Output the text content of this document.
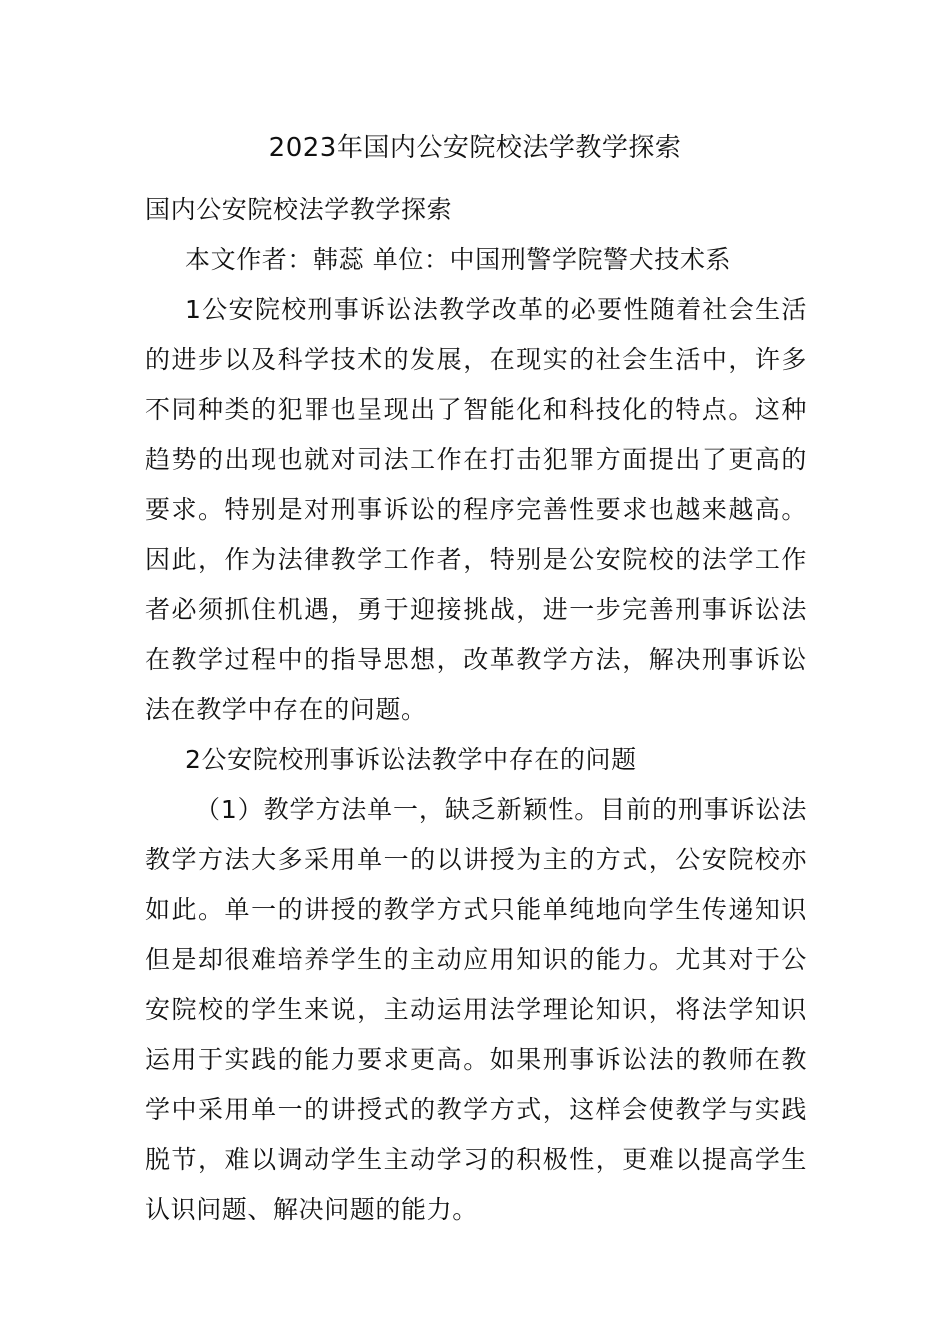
2023年国内公安院校法学教学探索

国内公安院校法学教学探索

本文作者：韩蕊 单位：中国刑警学院警犬技术系

1公安院校刑事诉讼法教学改革的必要性随着社会生活的进步以及科学技术的发展，在现实的社会生活中，许多不同种类的犯罪也呈现出了智能化和科技化的特点。这种趋势的出现也就对司法工作在打击犯罪方面提出了更高的要求。特别是对刑事诉讼的程序完善性要求也越来越高。因此，作为法律教学工作者，特别是公安院校的法学工作者必须抓住机遇，勇于迎接挑战，进一步完善刑事诉讼法在教学过程中的指导思想，改革教学方法，解决刑事诉讼法在教学中存在的问题。

2公安院校刑事诉讼法教学中存在的问题

（1）教学方法单一，缺乏新颖性。目前的刑事诉讼法教学方法大多采用单一的以讲授为主的方式，公安院校亦如此。单一的讲授的教学方式只能单纯地向学生传递知识但是却很难培养学生的主动应用知识的能力。尤其对于公安院校的学生来说，主动运用法学理论知识，将法学知识运用于实践的能力要求更高。如果刑事诉讼法的教师在教学中采用单一的讲授式的教学方式，这样会使教学与实践脱节，难以调动学生主动学习的积极性，更难以提高学生认识问题、解决问题的能力。
